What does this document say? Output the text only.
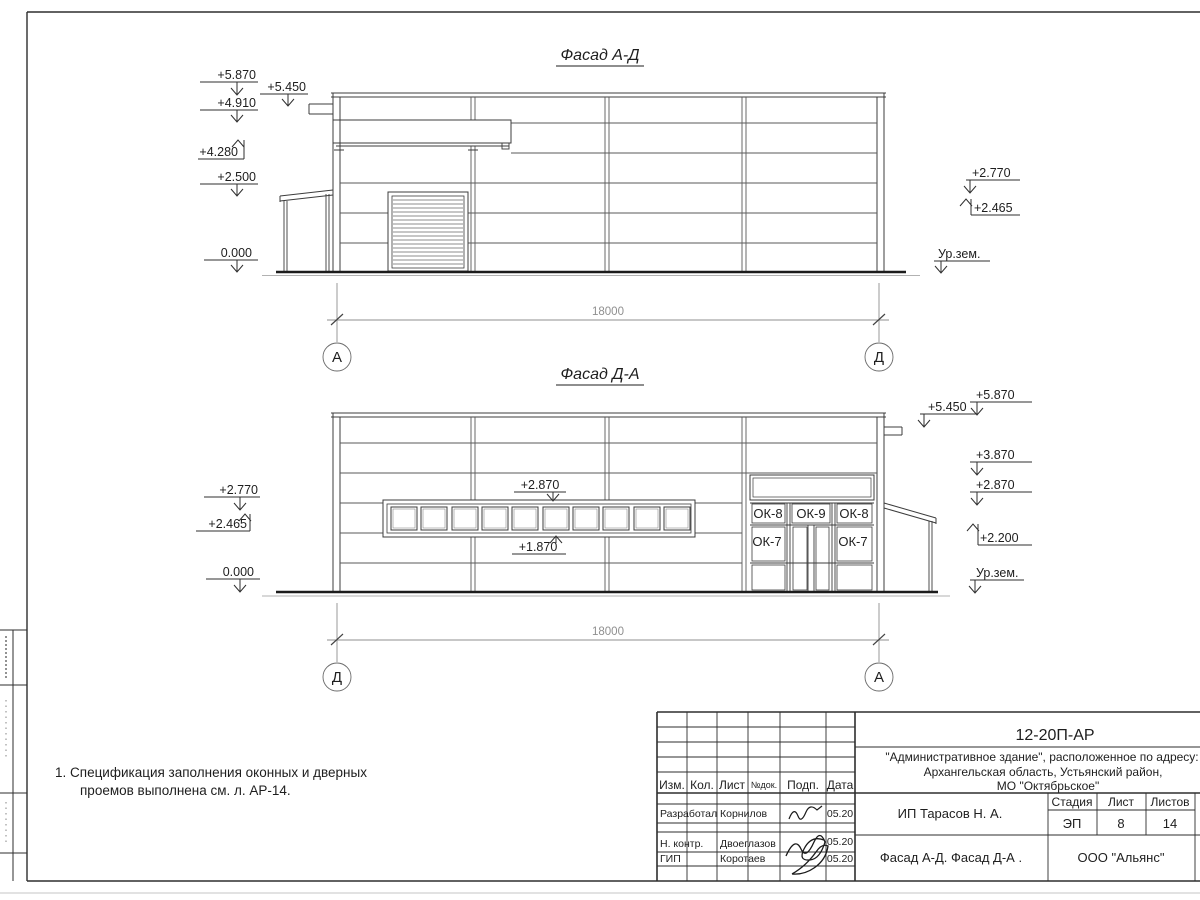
Фасад А-Д
+5.870
+5.450
+4.910
+4.280
+2.500
0.000
+2.770
+2.465
Ур.зем.
18000
А	Д
Фасад Д-А
ОК-8 ОК-9 ОК-8
ОК-7	ОК-7
+2.770
+2.465
0.000
+2.870
+1.870
+5.870
+5.450
+3.870
+2.870
+2.200
Ур.зем.
18000
Д	А
1. Спецификация заполнения оконных и дверных
проемов выполнена см. л. АР-14.
12-20П-АР
"Административное здание", расположенное по адресу:
Архангельская область, Устьянский район,
МО "Октябрьское"
Изм. Кол. Лист №док. Подп. Дата
Разработал Корнилов	05.20
Н. контр. Двоеглазов	05.20
ГИП	Коротаев	05.20
ИП Тарасов Н. А.
Стадия Лист Листов
ЭП	8	14
Фасад А-Д. Фасад Д-А .	ООО "Альянс"
